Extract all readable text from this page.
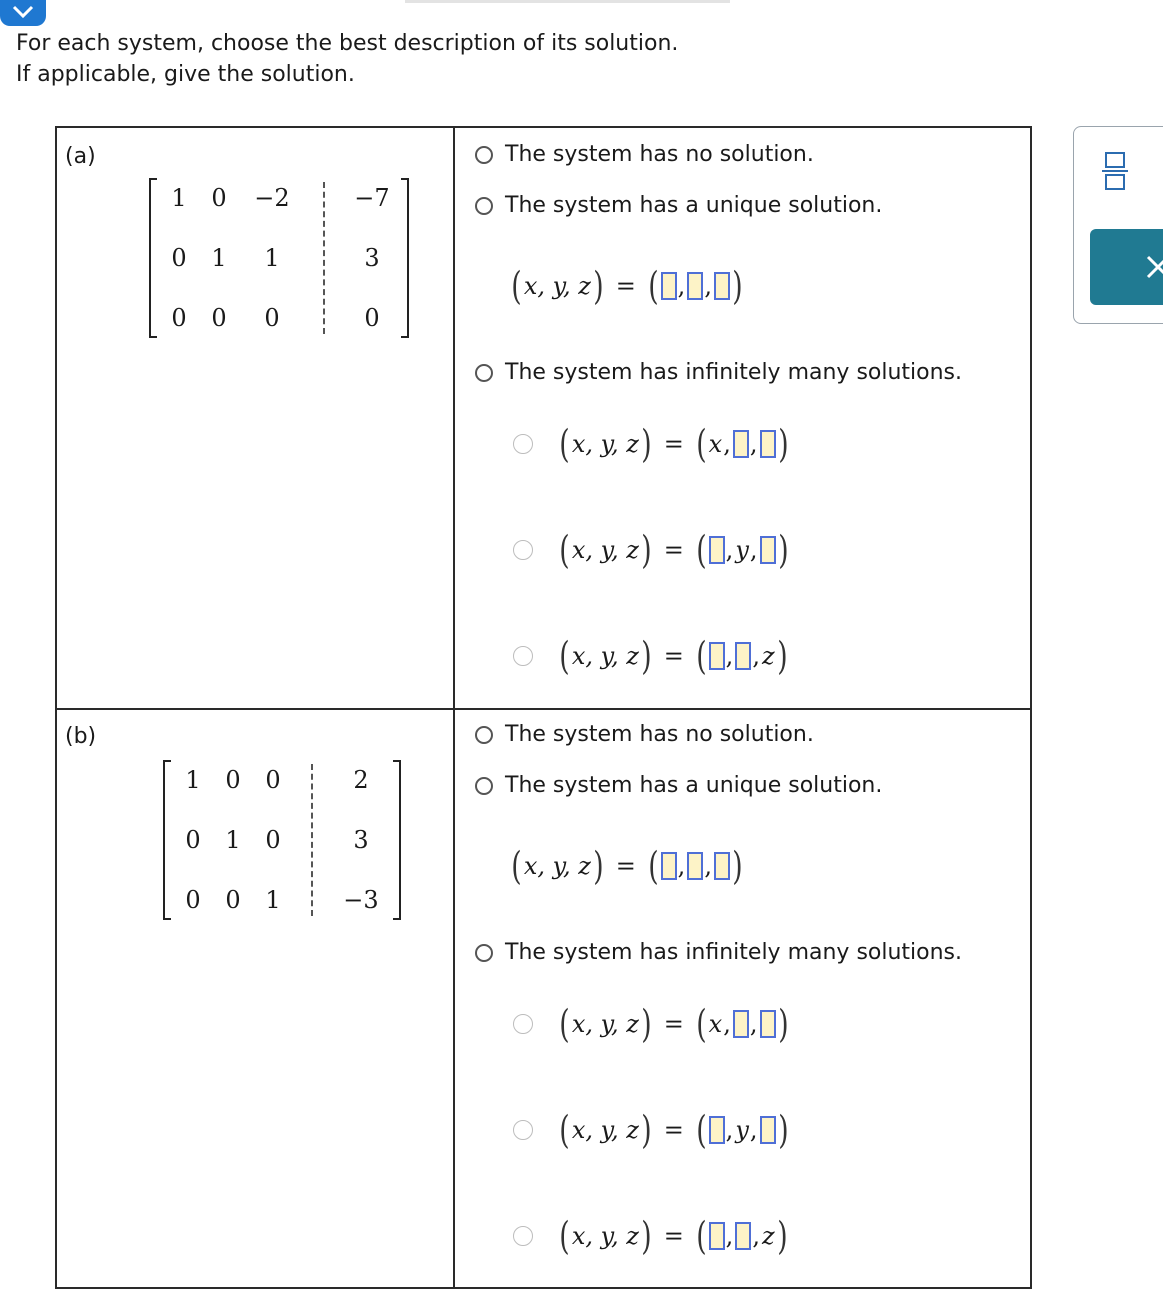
For each system, choose the best description of its solution.
If applicable, give the solution.
(a)
1	0	−2	−7
0	1	1	3
0	0	0	0
The system has no solution.
The system has a unique solution.
( x, y, z ) = ( , , )
The system has infinitely many solutions.
( x, y, z ) = ( x , , )
( x, y, z ) = ( , y , )
( x, y, z ) = ( , , z )
(b)
1	0	0	2
0	1	0	3
0	0	1	−3
The system has no solution.
The system has a unique solution.
( x, y, z ) = ( , , )
The system has infinitely many solutions.
( x, y, z ) = ( x , , )
( x, y, z ) = ( , y , )
( x, y, z ) = ( , , z )
